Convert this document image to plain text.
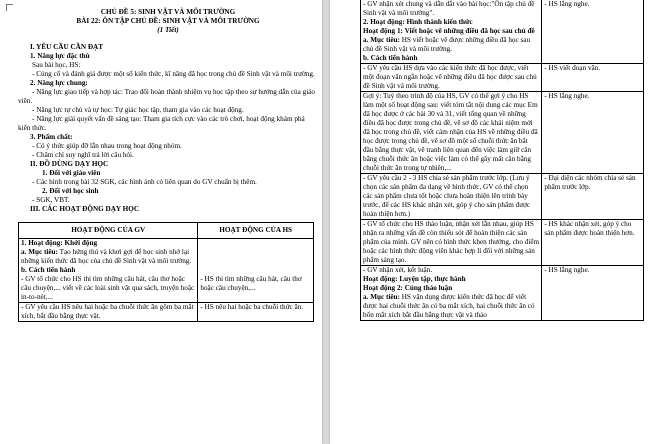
CHỦ ĐỀ 5: SINH VẬT VÀ MÔI TRƯỜNG

BÀI 22: ÔN TẬP CHỦ ĐỀ: SINH VẬT VÀ MÔI TRƯỜNG

(1 Tiết)

I. YÊU CẦU CẦN ĐẠT

1. Năng lực đặc thù

Sau bài học, HS:

- Củng cố và đánh giá được một số kiến thức, kĩ năng đã học trong chủ đề Sinh vật và môi trường.

2. Năng lực chung:

- Năng lực giao tiếp và hợp tác: Trao đổi hoàn thành nhiệm vụ học tập theo sự hướng dẫn của giáo viên.

- Năng lực tự chủ và tự học: Tự giác học tập, tham gia vào các hoạt động.

- Năng lực giải quyết vấn đề sáng tạo: Tham gia tích cực vào các trò chơi, hoạt động khám phá kiến thức.

3. Phẩm chất:

- Có ý thức giúp đỡ lẫn nhau trong hoạt động nhóm.

- Chăm chỉ suy nghĩ trả lời câu hỏi.

II. ĐỒ DÙNG DẠY HỌC

1. Đối với giáo viên

- Các hình trong bài 32 SGK, các hình ảnh có liên quan do GV chuẩn bị thêm.

2. Đối với học sinh

- SGK, VBT.

III. CÁC HOẠT ĐỘNG DẠY HỌC

HOẠT ĐỘNG CỦA GV	HOẠT ĐỘNG CỦA HS

1. Hoạt động: Khởi động
a. Mục tiêu: Tạo hứng thú và khơi gợi để học sinh nhớ lại những kiến thức đã học của chủ đề Sinh vật và môi trường.
b. Cách tiến hành
- GV tổ chức cho HS thi tìm những câu hát, câu thơ hoặc câu chuyện,... viết về các loài sinh vật qua sách, truyện hoặc in-to-nét,...	- HS thi tìm những câu hát, câu thơ hoặc câu chuyện,...

- GV yêu cầu HS nêu hai hoặc ba chuỗi thức ăn gồm ba mắt xích, bắt đầu bằng thực vật.	- HS nêu hai hoặc ba chuỗi thức ăn.
- GV nhận xét chung và dẫn dắt vào bài học:"Ôn tập chủ đề Sinh vật và môi trường".
2. Hoạt động: Hình thành kiến thức
Hoạt động 1: Viết hoặc vẽ những điều đã học sau chủ đề
a. Mục tiêu: HS viết hoặc vẽ được những điều đã học sau chủ đề Sinh vật và môi trường.
b. Cách tiến hành	- HS lắng nghe.
- GV yêu cầu HS dựa vào các kiến thức đã học được, viết một đoạn văn ngắn hoặc vẽ những điều đã học được sau chủ đề Sinh vật và môi trường.	- HS viết đoạn văn.
Gợi ý: Tuỳ theo trình độ của HS, GV có thể gợi ý cho HS làm một sổ hoạt động sau: viết tóm tắt nội dung các mục Em đã học được ở các bài 30 và 31, viết tổng quan về những điều đã học được trong chủ đề, vẽ sơ đồ các khái niệm mới đã học trong chủ đề, viết cảm nhận của HS về những điều đã học được trong chủ đề, vẽ sơ đồ một số chuỗi thức ăn bắt đầu bằng thực vật, vẽ tranh liên quan đến việc làm giữ cân bằng chuỗi thức ăn hoặc việc làm có thể gây mất cân bằng chuỗi thức ăn trong tự nhiên,...	- HS lắng nghe.
- GV yêu cầu 2 - 3 HS chia sẻ sản phẩm trước lớp. (Lưu ý chọn các sản phẩm đa dạng về hình thức, GV có thể chọn các sản phẩm chưa tốt hoặc chưa hoàn thiện lên trình bày trước, để các HS khác nhận xét, góp ý cho sản phẩm được hoàn thiện hơn.)	- Đại diện các nhóm chia sẻ sản phẩm trước lớp.
- GV tổ chức cho HS thảo luận, nhận xét lẫn nhau, giúp HS nhận ra những vấn đề còn thiếu sót để hoàn thiện các sản phẩm của mình. GV nên có hình thức khen thưởng, cho điểm hoặc các hình thức động viên khác hợp lí đối với những sản phẩm sáng tạo.	- HS khác nhận xét, góp ý cho sản phẩm được hoàn thiện hơn.

- GV nhận xét, kết luận.
Hoạt động: Luyện tập, thực hành
Hoạt động 2: Củng thảo luận
a. Mục tiêu: HS vận dụng được kiến thức đã học để viết được hai chuỗi thức ăn có ba mắt xích, hai chuỗi thức ăn có bốn mắt xích bắt đầu bằng thực vật và thảo	- HS lắng nghe.
